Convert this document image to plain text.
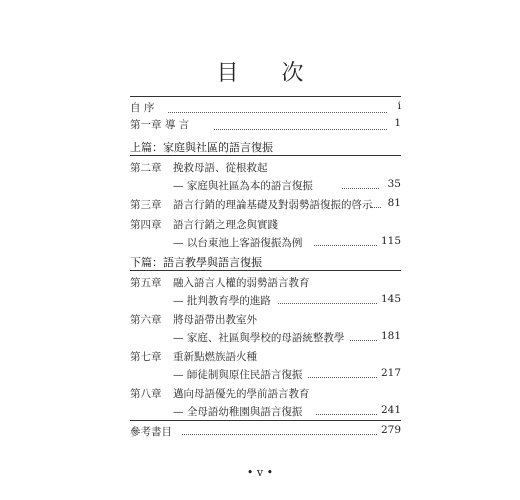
目 次
自 序	i
第一章 導 言	1
上篇：家庭與社區的語言復振
第二章 挽救母語、從根救起
— 家庭與社區為本的語言復振	35
第三章 語言行銷的理論基礎及對弱勢語復振的啓示 81
第四章 語言行銷之理念與實踐
— 以台東池上客語復振為例	115
下篇：語言教學與語言復振
第五章 融入語言人權的弱勢語言教育
— 批判教育學的進路	145
第六章 將母語帶出教室外
— 家庭、社區與學校的母語統整教學	181
第七章 重新點燃族語火種
— 師徒制與原住民語言復振	217
第八章 邁向母語優先的學前語言教育
— 全母語幼稚園與語言復振	241
參考書目	279
• v •
